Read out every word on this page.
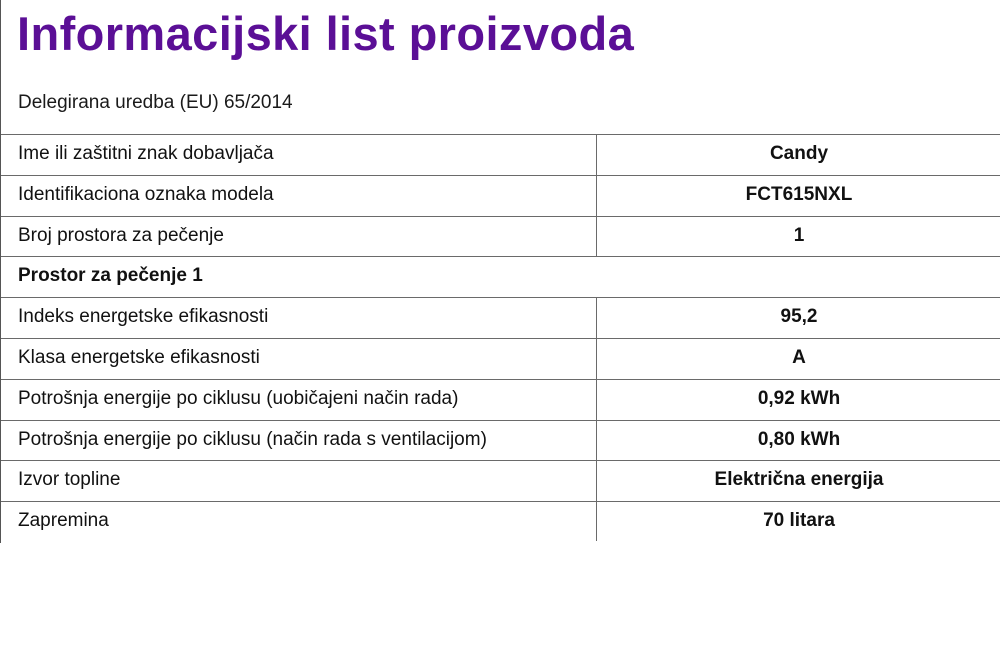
Informacijski list proizvoda
Delegirana uredba (EU) 65/2014
Ime ili zaštitni znak dobavljača	Candy
Identifikaciona oznaka modela	FCT615NXL
Broj prostora za pečenje	1
Prostor za pečenje 1
Indeks energetske efikasnosti	95,2
Klasa energetske efikasnosti	A
Potrošnja energije po ciklusu (uobičajeni način rada)	0,92 kWh
Potrošnja energije po ciklusu (način rada s ventilacijom)	0,80 kWh
Izvor topline	Električna energija
Zapremina	70 litara
